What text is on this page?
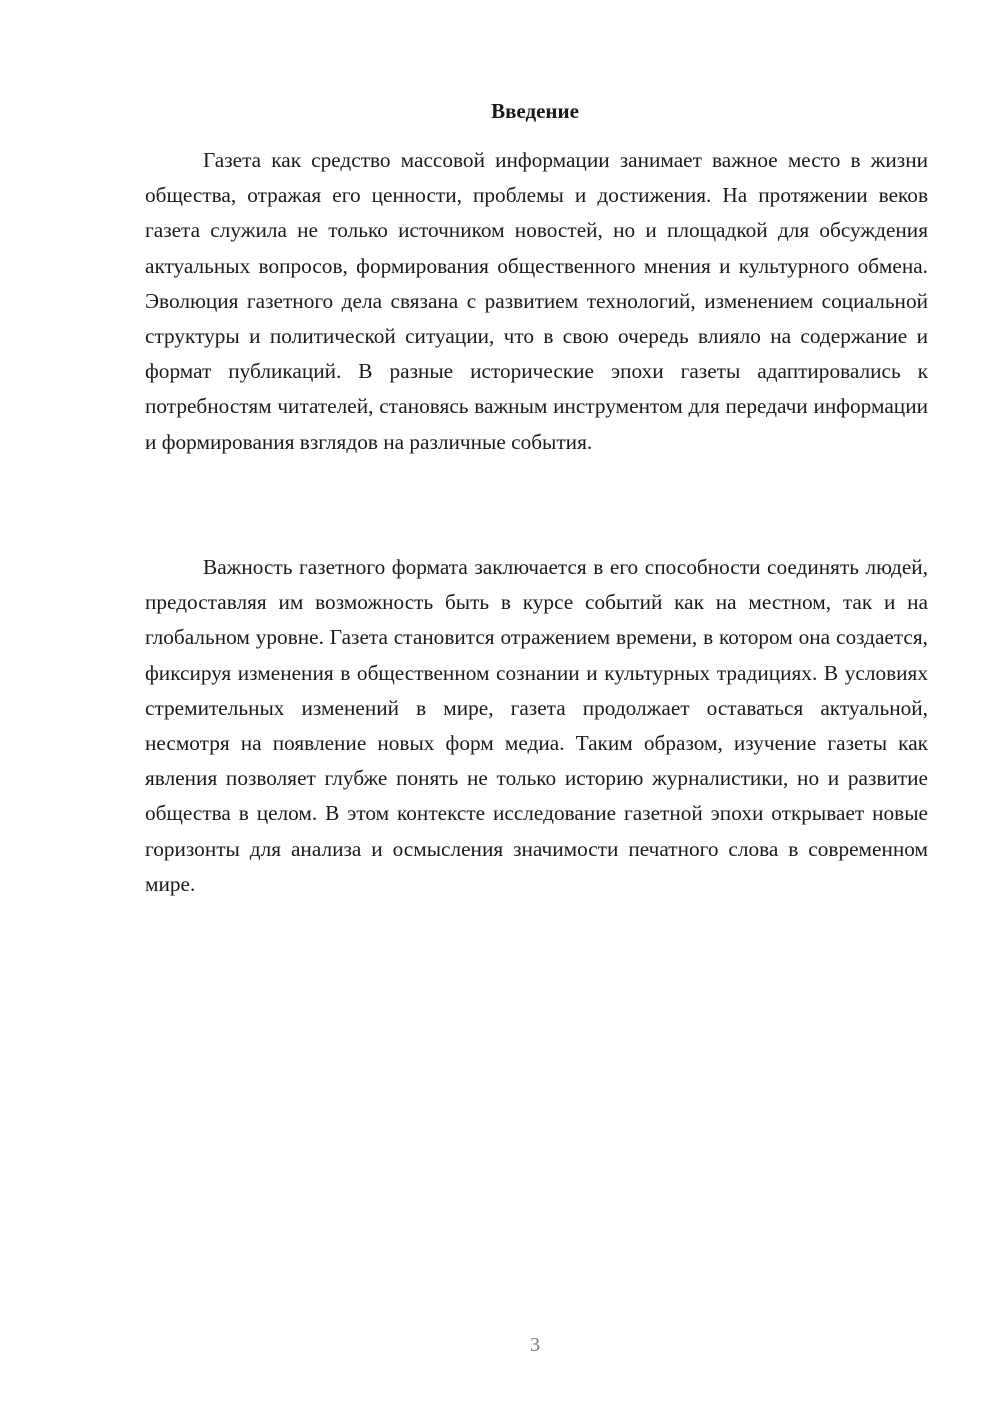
Введение

Газета как средство массовой информации занимает важное место в жизни общества, отражая его ценности, проблемы и достижения. На протяжении веков газета служила не только источником новостей, но и площадкой для обсуждения актуальных вопросов, формирования общественного мнения и культурного обмена. Эволюция газетного дела связана с развитием технологий, изменением социальной структуры и политической ситуации, что в свою очередь влияло на содержание и формат публикаций. В разные исторические эпохи газеты адаптировались к потребностям читателей, становясь важным инструментом для передачи информации и формирования взглядов на различные события.

Важность газетного формата заключается в его способности соединять людей, предоставляя им возможность быть в курсе событий как на местном, так и на глобальном уровне. Газета становится отражением времени, в котором она создается, фиксируя изменения в общественном сознании и культурных традициях. В условиях стремительных изменений в мире, газета продолжает оставаться актуальной, несмотря на появление новых форм медиа. Таким образом, изучение газеты как явления позволяет глубже понять не только историю журналистики, но и развитие общества в целом. В этом контексте исследование газетной эпохи открывает новые горизонты для анализа и осмысления значимости печатного слова в современном мире.

3
